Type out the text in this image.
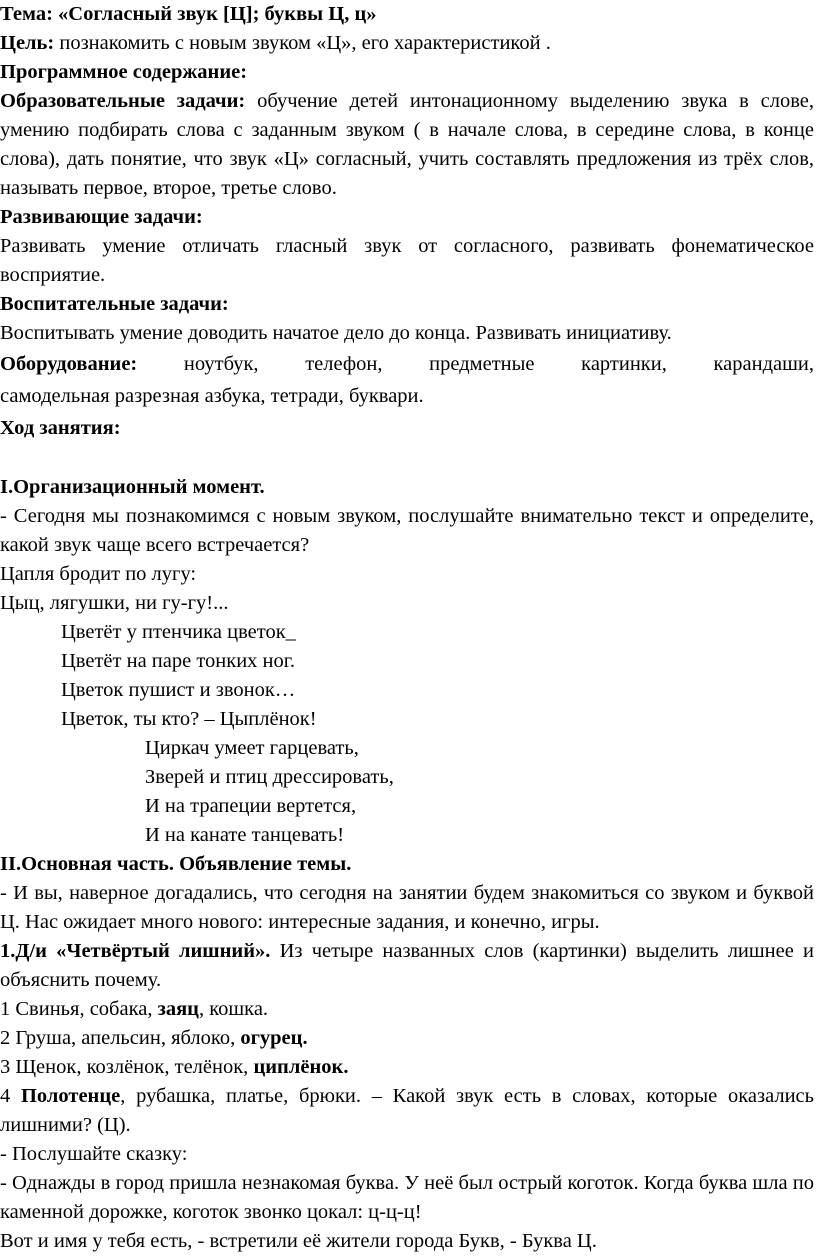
Тема: «Согласный звук [Ц]; буквы Ц, ц»

Цель: познакомить с новым звуком «Ц», его характеристикой .

Программное содержание:

Образовательные задачи: обучение детей интонационному выделению звука в слове, умению подбирать слова с заданным звуком ( в начале слова, в середине слова, в конце слова), дать понятие, что звук «Ц» согласный, учить составлять предложения из трёх слов, называть первое, второе, третье слово.

Развивающие задачи:

Развивать умение отличать гласный звук от согласного, развивать фонематическое восприятие.

Воспитательные задачи:

Воспитывать умение доводить начатое дело до конца. Развивать инициативу.

Оборудование: ноутбук, телефон, предметные картинки, карандаши,

самодельная разрезная азбука, тетради, буквари.

Ход занятия:

I.Организационный момент.

- Сегодня мы познакомимся с новым звуком, послушайте внимательно текст и определите, какой звук чаще всего встречается?

Цапля бродит по лугу:

Цыц, лягушки, ни гу-гу!...

Цветёт у птенчика цветок_

Цветёт на паре тонких ног.

Цветок пушист и звонок…

Цветок, ты кто? – Цыплёнок!

Циркач умеет гарцевать,

Зверей и птиц дрессировать,

И на трапеции вертется,

И на канате танцевать!

II.Основная часть. Объявление темы.

- И вы, наверное догадались, что сегодня на занятии будем знакомиться со звуком и буквой Ц. Нас ожидает много нового: интересные задания, и конечно, игры.

1.Д/и «Четвёртый лишний». Из четыре названных слов (картинки) выделить лишнее и объяснить почему.

1 Свинья, собака, заяц, кошка.

2 Груша, апельсин, яблоко, огурец.

3 Щенок, козлёнок, телёнок, циплёнок.

4 Полотенце, рубашка, платье, брюки. – Какой звук есть в словах, которые оказались лишними? (Ц).

- Послушайте сказку:

- Однажды в город пришла незнакомая буква. У неё был острый коготок. Когда буква шла по каменной дорожке, коготок звонко цокал: ц-ц-ц!

Вот и имя у тебя есть, - встретили её жители города Букв, - Буква Ц.
